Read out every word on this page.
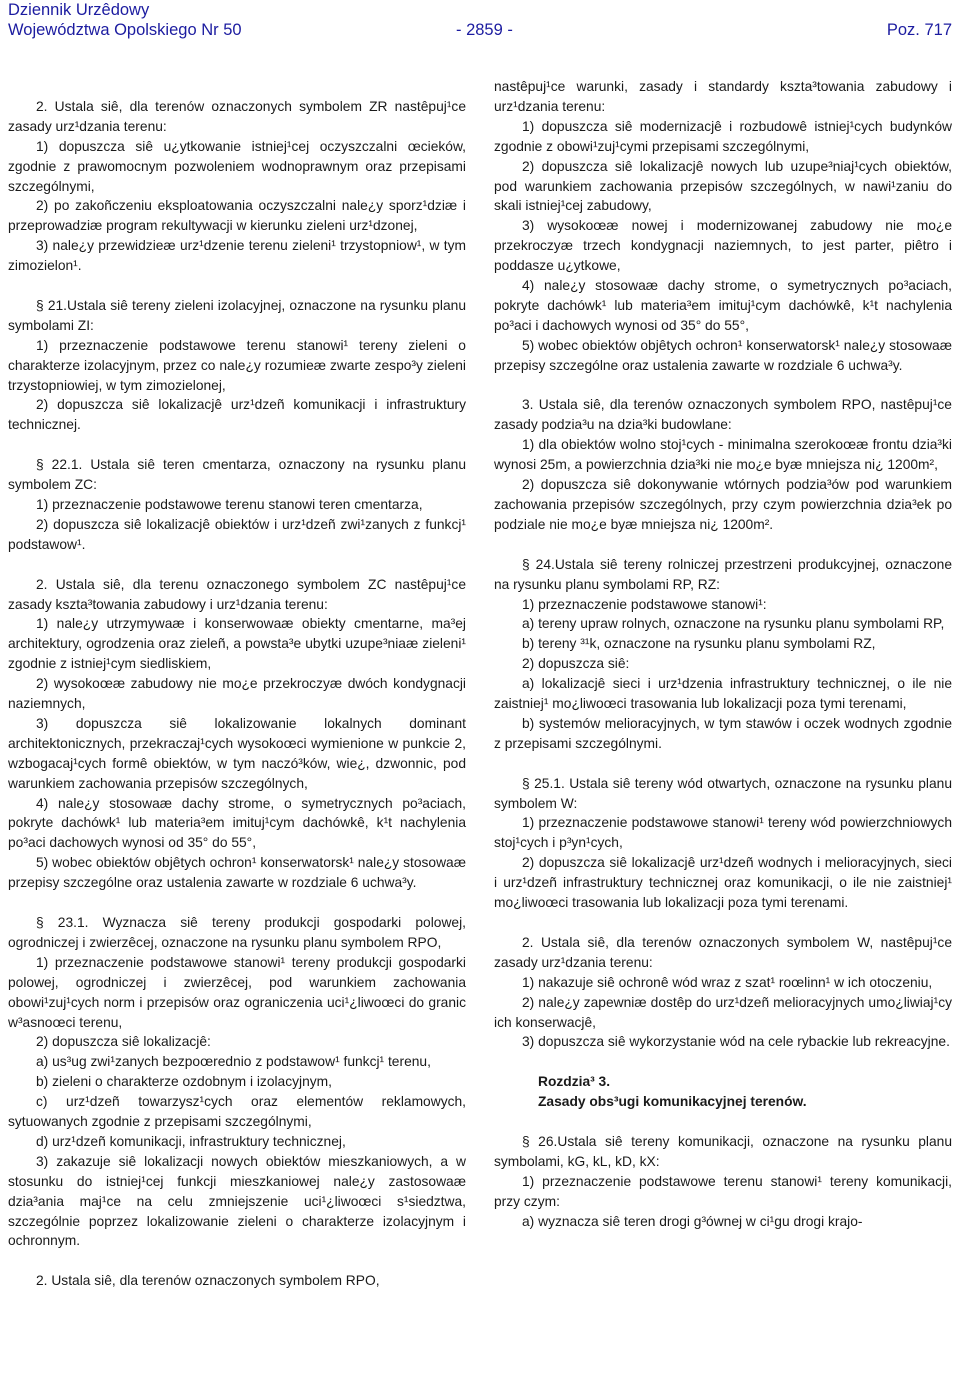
Dziennik Urzêdowy
Województwa Opolskiego Nr 50	- 2859 -	Poz. 717

2. Ustala siê, dla terenów oznaczonych symbolem ZR nastêpuj¹ce zasady urz¹dzania terenu:

1) dopuszcza siê u¿ytkowanie istniej¹cej oczyszczalni œcieków, zgodnie z prawomocnym pozwoleniem wodnoprawnym oraz przepisami szczególnymi,

2) po zakoñczeniu eksploatowania oczyszczalni nale¿y sporz¹dziæ i przeprowadziæ program rekultywacji w kierunku zieleni urz¹dzonej,

3) nale¿y przewidzieæ urz¹dzenie terenu zieleni¹ trzystopniow¹, w tym zimozielon¹.

§ 21.Ustala siê tereny zieleni izolacyjnej, oznaczone na rysunku planu symbolami ZI:

1) przeznaczenie podstawowe terenu stanowi¹ tereny zieleni o charakterze izolacyjnym, przez co nale¿y rozumieæ zwarte zespo³y zieleni trzystopniowiej, w tym zimozielonej,

2) dopuszcza siê lokalizacjê urz¹dzeñ komunikacji i infrastruktury technicznej.

§ 22.1. Ustala siê teren cmentarza, oznaczony na rysunku planu symbolem ZC:

1) przeznaczenie podstawowe terenu stanowi teren cmentarza,

2) dopuszcza siê lokalizacjê obiektów i urz¹dzeñ zwi¹zanych z funkcj¹ podstawow¹.

2. Ustala siê, dla terenu oznaczonego symbolem ZC nastêpuj¹ce zasady kszta³towania zabudowy i urz¹dzania terenu:

1) nale¿y utrzymywaæ i konserwowaæ obiekty cmentarne, ma³ej architektury, ogrodzenia oraz zieleñ, a powsta³e ubytki uzupe³niaæ zieleni¹ zgodnie z istniej¹cym siedliskiem,

2) wysokoœæ zabudowy nie mo¿e przekroczyæ dwóch kondygnacji naziemnych,

3) dopuszcza siê lokalizowanie lokalnych dominant architektonicznych, przekraczaj¹cych wysokoœci wymienione w punkcie 2, wzbogacaj¹cych formê obiektów, w tym naczó³ków, wie¿, dzwonnic, pod warunkiem zachowania przepisów szczególnych,

4) nale¿y stosowaæ dachy strome, o symetrycznych po³aciach, pokryte dachówk¹ lub materia³em imituj¹cym dachówkê, k¹t nachylenia po³aci dachowych wynosi od 35° do 55°,

5) wobec obiektów objêtych ochron¹ konserwatorsk¹ nale¿y stosowaæ przepisy szczególne oraz ustalenia zawarte w rozdziale 6 uchwa³y.

§ 23.1. Wyznacza siê tereny produkcji gospodarki polowej, ogrodniczej i zwierzêcej, oznaczone na rysunku planu symbolem RPO,

1) przeznaczenie podstawowe stanowi¹ tereny produkcji gospodarki polowej, ogrodniczej i zwierzêcej, pod warunkiem zachowania obowi¹zuj¹cych norm i przepisów oraz ograniczenia uci¹¿liwoœci do granic w³asnoœci terenu,

2) dopuszcza siê lokalizacjê:

a) us³ug zwi¹zanych bezpoœrednio z podstawow¹ funkcj¹ terenu,

b) zieleni o charakterze ozdobnym i izolacyjnym,

c) urz¹dzeñ towarzysz¹cych oraz elementów reklamowych, sytuowanych zgodnie z przepisami szczególnymi,

d) urz¹dzeñ komunikacji, infrastruktury technicznej,

3) zakazuje siê lokalizacji nowych obiektów mieszkaniowych, a w stosunku do istniej¹cej funkcji mieszkaniowej nale¿y zastosowaæ dzia³ania maj¹ce na celu zmniejszenie uci¹¿liwoœci s¹siedztwa, szczególnie poprzez lokalizowanie zieleni o charakterze izolacyjnym i ochronnym.

2. Ustala siê, dla terenów oznaczonych symbolem RPO,

nastêpuj¹ce warunki, zasady i standardy kszta³towania zabudowy i urz¹dzania terenu:

1) dopuszcza siê modernizacjê i rozbudowê istniej¹cych budynków zgodnie z obowi¹zuj¹cymi przepisami szczególnymi,

2) dopuszcza siê lokalizacjê nowych lub uzupe³niaj¹cych obiektów, pod warunkiem zachowania przepisów szczególnych, w nawi¹zaniu do skali istniej¹cej zabudowy,

3) wysokoœæ nowej i modernizowanej zabudowy nie mo¿e przekroczyæ trzech kondygnacji naziemnych, to jest parter, piêtro i poddasze u¿ytkowe,

4) nale¿y stosowaæ dachy strome, o symetrycznych po³aciach, pokryte dachówk¹ lub materia³em imituj¹cym dachówkê, k¹t nachylenia po³aci i dachowych wynosi od 35° do 55°,

5) wobec obiektów objêtych ochron¹ konserwatorsk¹ nale¿y stosowaæ przepisy szczególne oraz ustalenia zawarte w rozdziale 6 uchwa³y.

3. Ustala siê, dla terenów oznaczonych symbolem RPO, nastêpuj¹ce zasady podzia³u na dzia³ki budowlane:

1) dla obiektów wolno stoj¹cych - minimalna szerokoœæ frontu dzia³ki wynosi 25m, a powierzchnia dzia³ki nie mo¿e byæ mniejsza ni¿ 1200m²,

2) dopuszcza siê dokonywanie wtórnych podzia³ów pod warunkiem zachowania przepisów szczególnych, przy czym powierzchnia dzia³ek po podziale nie mo¿e byæ mniejsza ni¿ 1200m².

§ 24.Ustala siê tereny rolniczej przestrzeni produkcyjnej, oznaczone na rysunku planu symbolami RP, RZ:

1) przeznaczenie podstawowe stanowi¹:

a) tereny upraw rolnych, oznaczone na rysunku planu symbolami RP,

b) tereny ³¹k, oznaczone na rysunku planu symbolami RZ,

2) dopuszcza siê:

a) lokalizacjê sieci i urz¹dzenia infrastruktury technicznej, o ile nie zaistniej¹ mo¿liwoœci trasowania lub lokalizacji poza tymi terenami,

b) systemów melioracyjnych, w tym stawów i oczek wodnych zgodnie z przepisami szczególnymi.

§ 25.1. Ustala siê tereny wód otwartych, oznaczone na rysunku planu symbolem W:

1) przeznaczenie podstawowe stanowi¹ tereny wód powierzchniowych stoj¹cych i p³yn¹cych,

2) dopuszcza siê lokalizacjê urz¹dzeñ wodnych i melioracyjnych, sieci i urz¹dzeñ infrastruktury technicznej oraz komunikacji, o ile nie zaistniej¹ mo¿liwoœci trasowania lub lokalizacji poza tymi terenami.

2. Ustala siê, dla terenów oznaczonych symbolem W, nastêpuj¹ce zasady urz¹dzania terenu:

1) nakazuje siê ochronê wód wraz z szat¹ roœlinn¹ w ich otoczeniu,

2) nale¿y zapewniæ dostêp do urz¹dzeñ melioracyjnych umo¿liwiaj¹cy ich konserwacjê,

3) dopuszcza siê wykorzystanie wód na cele rybackie lub rekreacyjne.

Rozdzia³ 3.

Zasady obs³ugi komunikacyjnej terenów.

§ 26.Ustala siê tereny komunikacji, oznaczone na rysunku planu symbolami, kG, kL, kD, kX:

1) przeznaczenie podstawowe terenu stanowi¹ tereny komunikacji, przy czym:

a) wyznacza siê teren drogi g³ównej w ci¹gu drogi krajo-
